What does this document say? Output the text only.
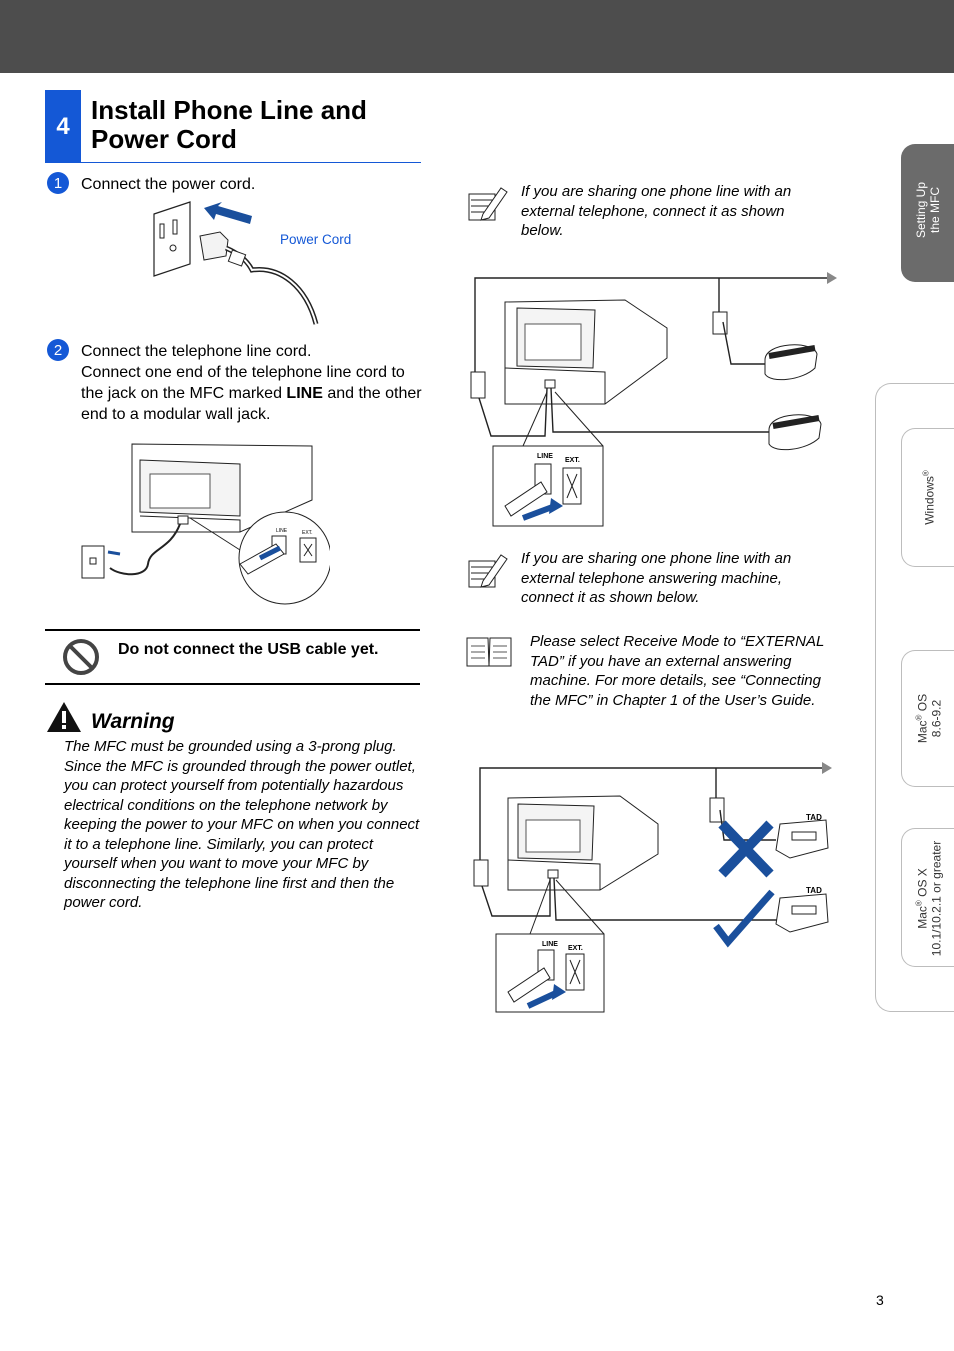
4
Install Phone Line and
Power Cord
1	Connect the power cord.
Power Cord
2	Connect the telephone line cord.
Connect one end of the telephone line cord to the jack on the MFC marked LINE and the other end to a modular wall jack.
LINE	EXT.
Do not connect the USB cable yet.
Warning
The MFC must be grounded using a 3-prong plug. Since the MFC is grounded through the power outlet, you can protect yourself from potentially hazardous electrical conditions on the telephone network by keeping the power to your MFC on when you connect it to a telephone line. Similarly, you can protect yourself when you want to move your MFC by disconnecting the telephone line first and then the power cord.
If you are sharing one phone line with an external telephone, connect it as shown below.
LINE
EXT.
If you are sharing one phone line with an external telephone answering machine, connect it as shown below.
Please select Receive Mode to “EXTERNAL TAD” if you have an external answering machine. For more details, see “Connecting the MFC” in Chapter 1 of the User’s Guide.
TAD
TAD
LINE
EXT.
Setting Up the MFC
Windows®
Mac® OS 8.6-9.2
Mac® OS X 10.1/10.2.1 or greater
3
